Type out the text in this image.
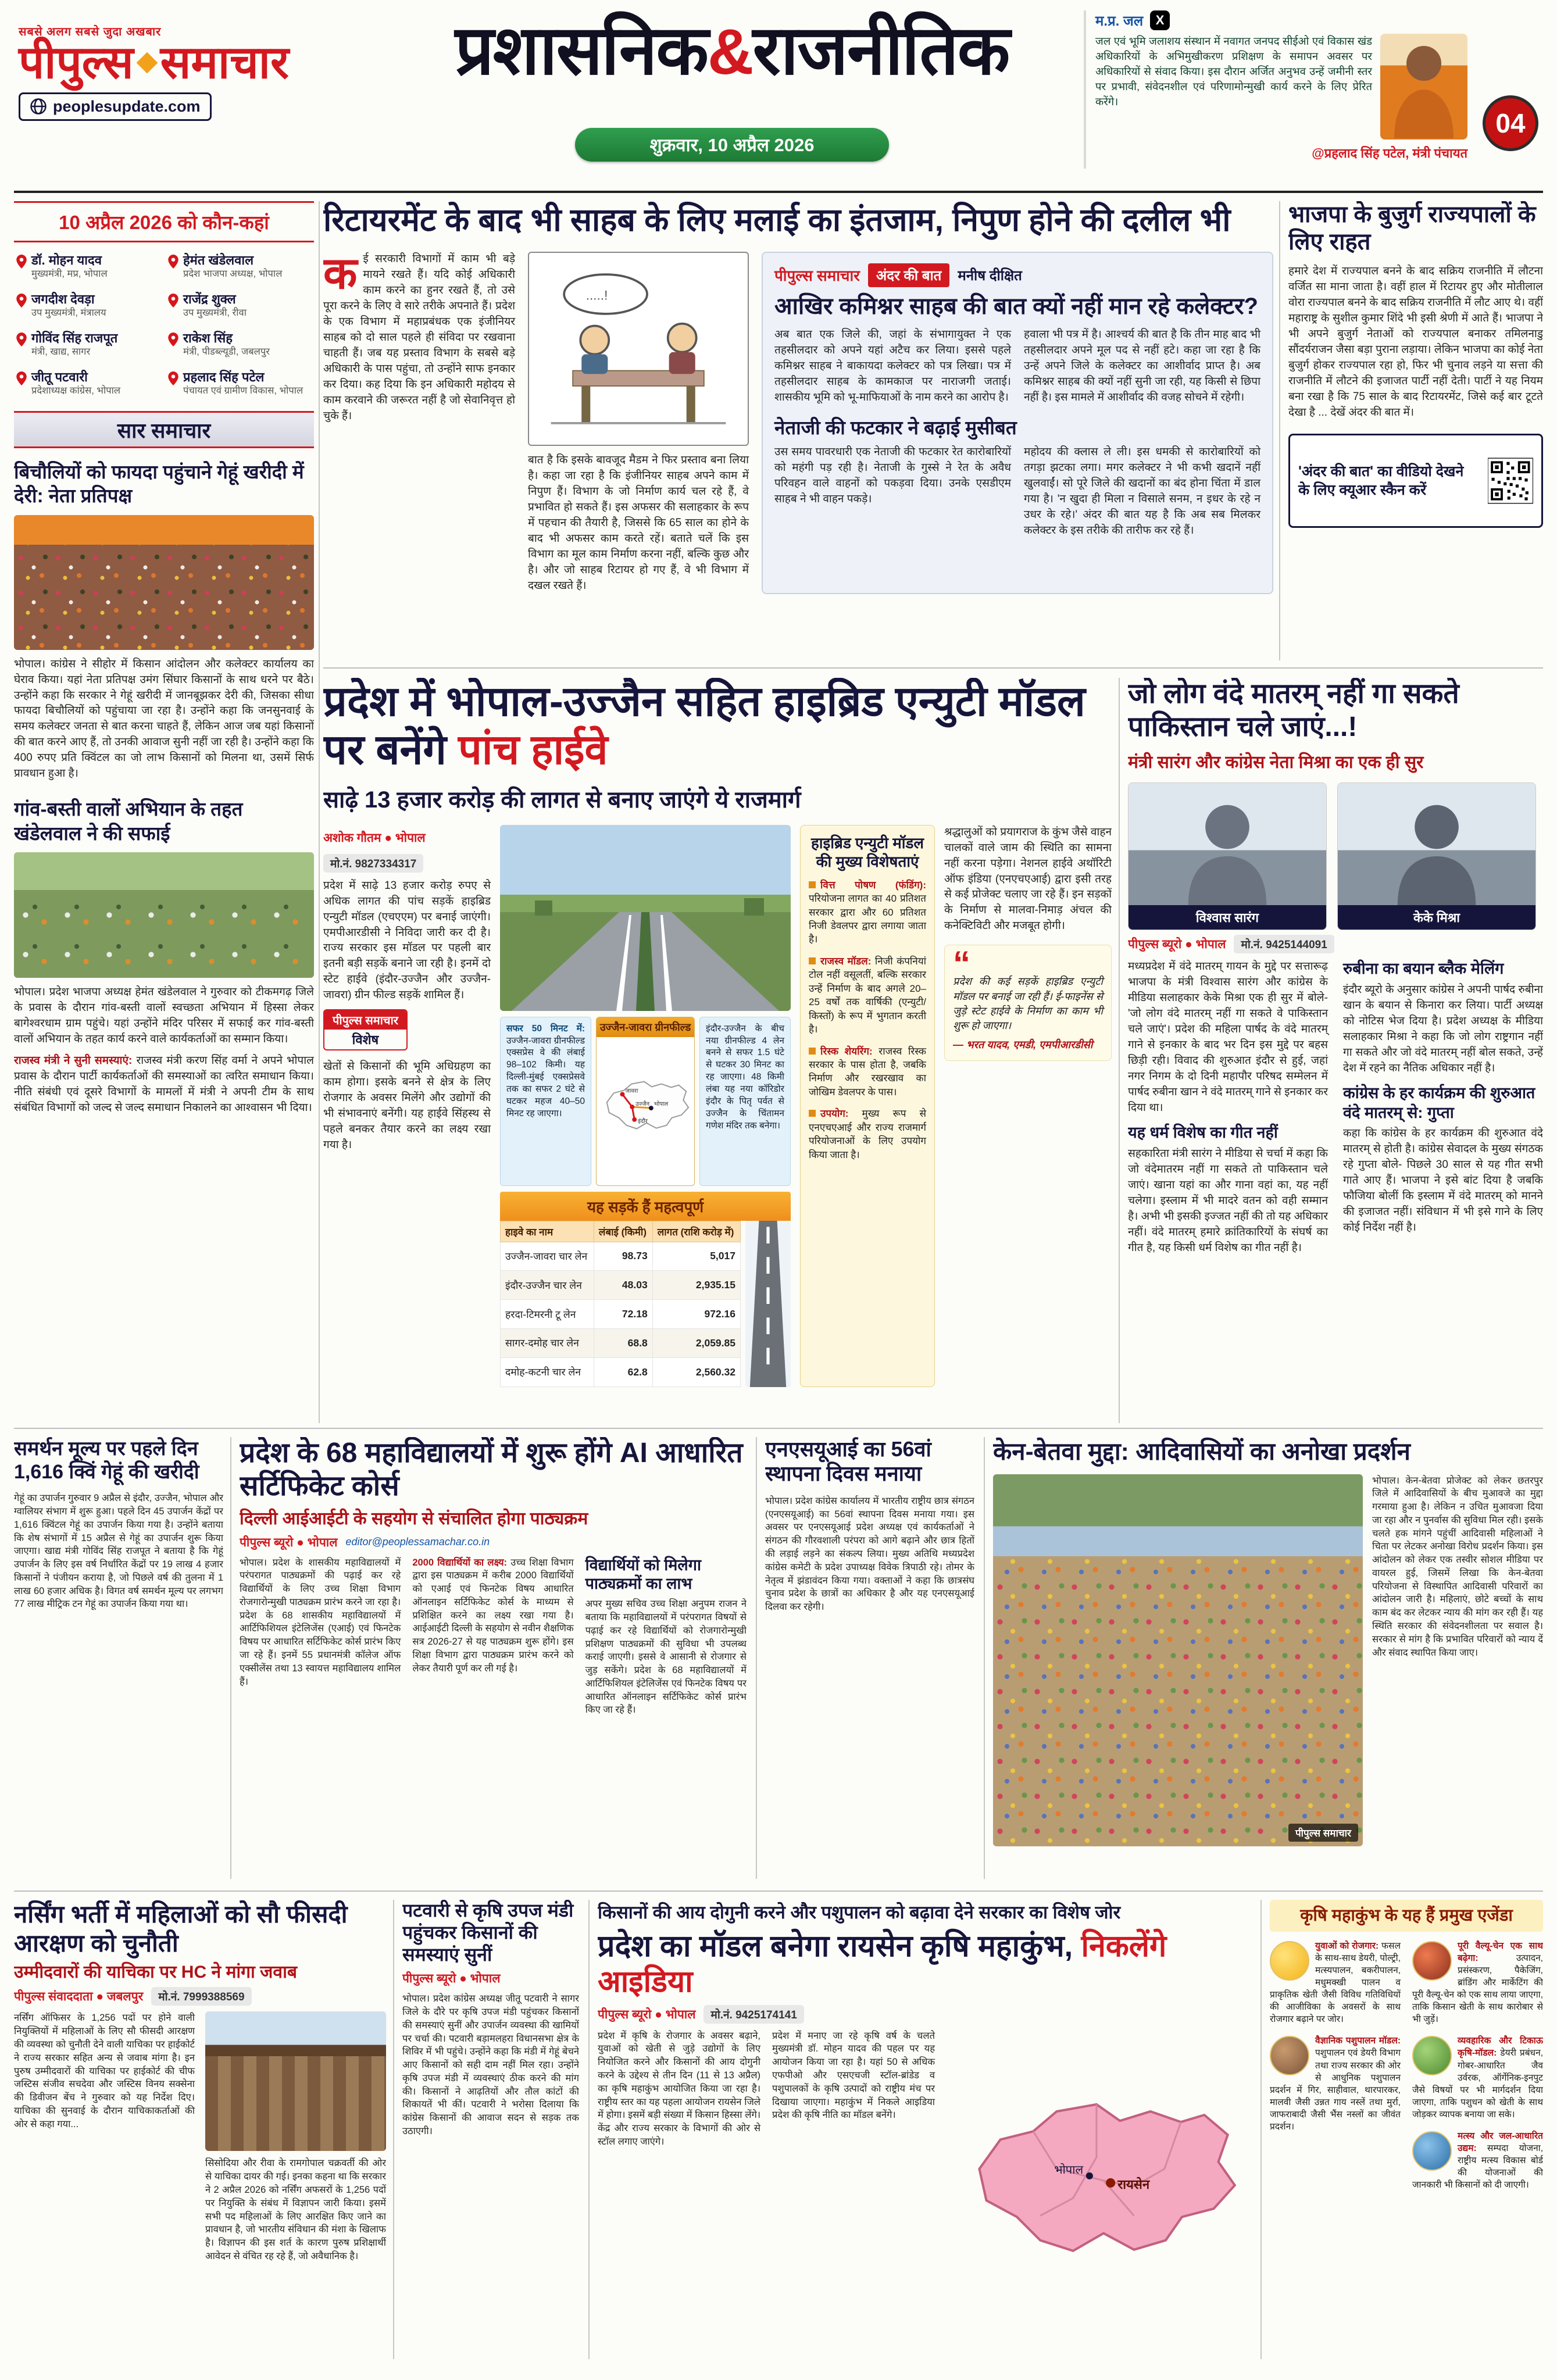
सबसे अलग सबसे जुदा अखबार
पीपुल्स समाचार
peoplesupdate.com
प्रशासनिक&राजनीतिक
शुक्रवार, 10 अप्रैल 2026
म.प्र. जल X

जल एवं भूमि जलाशय संस्थान में नवागत जनपद सीईओ एवं विकास खंड अधिकारियों के अभिमुखीकरण प्रशिक्षण के समापन अवसर पर अधिकारियों से संवाद किया। इस दौरान अर्जित अनुभव उन्हें जमीनी स्तर पर प्रभावी, संवेदनशील एवं परिणामोन्मुखी कार्य करने के लिए प्रेरित करेंगे।

@प्रहलाद सिंह पटेल, मंत्री पंचायत
04
10 अप्रैल 2026 को कौन-कहां
डॉ. मोहन यादव
मुख्यमंत्री, मप्र, भोपाल
हेमंत खंडेलवाल
प्रदेश भाजपा अध्यक्ष, भोपाल
जगदीश देवड़ा
उप मुख्यमंत्री, मंत्रालय
राजेंद्र शुक्ल
उप मुख्यमंत्री, रीवा
गोविंद सिंह राजपूत
मंत्री, खाद्य, सागर
राकेश सिंह
मंत्री, पीडब्ल्यूडी, जबलपुर
जीतू पटवारी
प्रदेशाध्यक्ष कांग्रेस, भोपाल
प्रहलाद सिंह पटेल
पंचायत एवं ग्रामीण विकास, भोपाल
सार समाचार
बिचौलियों को फायदा पहुंचाने गेहूं खरीदी में देरी: नेता प्रतिपक्ष

भोपाल। कांग्रेस ने सीहोर में किसान आंदोलन और कलेक्टर कार्यालय का घेराव किया। यहां नेता प्रतिपक्ष उमंग सिंघार किसानों के साथ धरने पर बैठे। उन्होंने कहा कि सरकार ने गेहूं खरीदी में जानबूझकर देरी की, जिसका सीधा फायदा बिचौलियों को पहुंचाया जा रहा है। उन्होंने कहा कि जनसुनवाई के समय कलेक्टर जनता से बात करना चाहते हैं, लेकिन आज जब यहां किसानों की बात करने आए हैं, तो उनकी आवाज सुनी नहीं जा रही है। उन्होंने कहा कि 400 रुपए प्रति क्विंटल का जो लाभ किसानों को मिलना था, उसमें सिर्फ प्रावधान हुआ है।

गांव-बस्ती वालों अभियान के तहत खंडेलवाल ने की सफाई

भोपाल। प्रदेश भाजपा अध्यक्ष हेमंत खंडेलवाल ने गुरुवार को टीकमगढ़ जिले के प्रवास के दौरान गांव-बस्ती वालों स्वच्छता अभियान में हिस्सा लेकर बागेश्वरधाम ग्राम पहुंचे। यहां उन्होंने मंदिर परिसर में सफाई कर गांव-बस्ती वालों अभियान के तहत कार्य करने वाले कार्यकर्ताओं का सम्मान किया।

राजस्व मंत्री ने सुनी समस्याएं: राजस्व मंत्री करण सिंह वर्मा ने अपने भोपाल प्रवास के दौरान पार्टी कार्यकर्ताओं की समस्याओं का त्वरित समाधान किया। नीति संबंधी एवं दूसरे विभागों के मामलों में मंत्री ने अपनी टीम के साथ संबंधित विभागों को जल्द से जल्द समाधान निकालने का आश्वासन भी दिया।

रिटायरमेंट के बाद भी साहब के लिए मलाई का इंतजाम, निपुण होने की दलील भी

कई सरकारी विभागों में काम भी बड़े मायने रखते हैं। यदि कोई अधिकारी काम करने का हुनर रखते हैं, तो उसे पूरा करने के लिए वे सारे तरीके अपनाते हैं। प्रदेश के एक विभाग में महाप्रबंधक एक इंजीनियर साहब को दो साल पहले ही संविदा पर रखवाना चाहती हैं। जब यह प्रस्ताव विभाग के सबसे बड़े अधिकारी के पास पहुंचा, तो उन्होंने साफ इनकार कर दिया। कह दिया कि इन अधिकारी महोदय से काम करवाने की जरूरत नहीं है जो सेवानिवृत्त हो चुके हैं।

.....!

बात है कि इसके बावजूद मैडम ने फिर प्रस्ताव बना लिया है। कहा जा रहा है कि इंजीनियर साहब अपने काम में निपुण हैं। विभाग के जो निर्माण कार्य चल रहे हैं, वे प्रभावित हो सकते हैं। इस अफसर की सलाहकार के रूप में पहचान की तैयारी है, जिससे कि 65 साल का होने के बाद भी अफसर काम करते रहें। बताते चलें कि इस विभाग का मूल काम निर्माण करना नहीं, बल्कि कुछ और है। और जो साहब रिटायर हो गए हैं, वे भी विभाग में दखल रखते हैं।

पीपुल्स समाचार	अंदर की बात	मनीष दीक्षित
आखिर कमिश्नर साहब की बात क्यों नहीं मान रहे कलेक्टर?

अब बात एक जिले की, जहां के संभागायुक्त ने एक तहसीलदार को अपने यहां अटैच कर लिया। इससे पहले कमिश्नर साहब ने बाकायदा कलेक्टर को पत्र लिखा। पत्र में तहसीलदार साहब के कामकाज पर नाराजगी जताई। शासकीय भूमि को भू-माफियाओं के नाम करने का आरोप है।

हवाला भी पत्र में है। आश्चर्य की बात है कि तीन माह बाद भी तहसीलदार अपने मूल पद से नहीं हटे। कहा जा रहा है कि उन्हें अपने जिले के कलेक्टर का आशीर्वाद प्राप्त है। अब कमिश्नर साहब की क्यों नहीं सुनी जा रही, यह किसी से छिपा नहीं है। इस मामले में आशीर्वाद की वजह सोचने में रहेगी।

नेताजी की फटकार ने बढ़ाई मुसीबत

उस समय पावरधारी एक नेताजी की फटकार रेत कारोबारियों को महंगी पड़ रही है। नेताजी के गुस्से ने रेत के अवैध परिवहन वाले वाहनों को पकड़वा दिया। उनके एसडीएम साहब ने भी वाहन पकड़े।

महोदय की क्लास ले ली। इस धमकी से कारोबारियों को तगड़ा झटका लगा। मगर कलेक्टर ने भी कभी खदानें नहीं खुलवाईं। सो पूरे जिले की खदानों का बंद होना चिंता में डाल गया है। 'न खुदा ही मिला न विसाले सनम, न इधर के रहे न उधर के रहे।' अंदर की बात यह है कि अब सब मिलकर कलेक्टर के इस तरीके की तारीफ कर रहे हैं।

भाजपा के बुजुर्ग राज्यपालों के लिए राहत

हमारे देश में राज्यपाल बनने के बाद सक्रिय राजनीति में लौटना वर्जित सा माना जाता है। वहीं हाल में रिटायर हुए और मोतीलाल वोरा राज्यपाल बनने के बाद सक्रिय राजनीति में लौट आए थे। वहीं महाराष्ट्र के सुशील कुमार शिंदे भी इसी श्रेणी में आते हैं। भाजपा ने भी अपने बुजुर्ग नेताओं को राज्यपाल बनाकर तमिलनाडु सौंदर्यराजन जैसा बड़ा पुराना लड़ाया। लेकिन भाजपा का कोई नेता बुजुर्ग होकर राज्यपाल रहा हो, फिर भी चुनाव लड़ने या सत्ता की राजनीति में लौटने की इजाजत पार्टी नहीं देती। पार्टी ने यह नियम बना रखा है कि 75 साल के बाद रिटायरमेंट, जिसे कई बार टूटते देखा है ... देखें अंदर की बात में।

'अंदर की बात' का वीडियो देखने के लिए क्यूआर स्कैन करें

प्रदेश में भोपाल-उज्जैन सहित हाइब्रिड एन्युटी मॉडल पर बनेंगे पांच हाईवे
साढ़े 13 हजार करोड़ की लागत से बनाए जाएंगे ये राजमार्ग
अशोक गौतम ● भोपाल
मो.नं. 9827334317

प्रदेश में साढ़े 13 हजार करोड़ रुपए से अधिक लागत की पांच सड़कें हाइब्रिड एन्युटी मॉडल (एचएएम) पर बनाई जाएंगी। एमपीआरडीसी ने निविदा जारी कर दी है। राज्य सरकार इस मॉडल पर पहली बार इतनी बड़ी सड़कें बनाने जा रही है। इनमें दो स्टेट हाईवे (इंदौर-उज्जैन और उज्जैन-जावरा) ग्रीन फील्ड सड़कें शामिल हैं।

पीपुल्स समाचार
विशेष

खेतों से किसानों की भूमि अधिग्रहण का काम होगा। इसके बनने से क्षेत्र के लिए रोजगार के अवसर मिलेंगे और उद्योगों की भी संभावनाएं बनेंगी। यह हाईवे सिंहस्थ से पहले बनकर तैयार करने का लक्ष्य रखा गया है।

सफर 50 मि​नट में: उज्जैन-जावरा ग्रीनफील्ड एक्सप्रेस वे की लंबाई 98–102 किमी। यह दिल्ली-मुंबई एक्सप्रेसवे तक का सफर 2 घंटे से घटकर महज 40–50 मिनट रह जाएगा।
उज्जैन-जावरा ग्रीनफील्ड
जावरा
उज्जैन
इंदौर
भोपाल
इंदौर-उज्जैन के बीच नया ग्रीनफील्ड 4 लेन बनने से सफर 1.5 घंटे से घटकर 30 मिनट का रह जाएगा। 48 किमी लंबा यह नया कॉरिडोर इंदौर के पितृ पर्वत से उज्जैन के चिंतामन गणेश मंदिर तक बनेगा।
यह सड़कें हैं महत्वपूर्ण
हाइवे का नाम	लंबाई (किमी)	लागत (राशि करोड़ में)
उज्जैन-जावरा चार लेन	98.73	5,017
इंदौर-उज्जैन चार लेन	48.03	2,935.15
हरदा-टिमरनी टू लेन	72.18	972.16
सागर-दमोह चार लेन	68.8	2,059.85
दमोह-कटनी चार लेन	62.8	2,560.32
हाइब्रिड एन्युटी मॉडल की मुख्य विशेषताएं

वित्त पोषण (फंडिंग): परियोजना लागत का 40 प्रतिशत सरकार द्वारा और 60 प्रतिशत निजी डेवलपर द्वारा लगाया जाता है।

राजस्व मॉडल: निजी कंपनियां टोल नहीं वसूलतीं, बल्कि सरकार उन्हें निर्माण के बाद अगले 20–25 वर्षों तक वार्षिकी (एन्युटी/किस्तों) के रूप में भुगतान करती है।

रिस्क शेयरिंग: राजस्व रिस्क सरकार के पास होता है, जबकि निर्माण और रखरखाव का जोखिम डेवलपर के पास।

उपयोग: मुख्य रूप से एनएचएआई और राज्य राजमार्ग परियोजनाओं के लिए उपयोग किया जाता है।

श्रद्धालुओं को प्रयागराज के कुंभ जैसे वाहन चालकों वाले जाम की स्थिति का सामना नहीं करना पड़ेगा। नेशनल हाईवे अथॉरिटी ऑफ इंडिया (एनएचएआई) द्वारा इसी तरह से कई प्रोजेक्ट चलाए जा रहे हैं। इन सड़कों के निर्माण से मालवा-निमाड़ अंचल की कनेक्टिविटी और मजबूत होगी।

“

प्रदेश की कई सड़कें हाइब्रिड एन्युटी मॉडल पर बनाई जा रही हैं। ई-फाइनेंस से जुड़े स्टेट हाईवे के निर्माण का काम भी शुरू हो जाएगा।

— भरत यादव, एमडी, एमपीआरडीसी

जो लोग वंदे मातरम् नहीं गा सकते पाकिस्तान चले जाएं...!
मंत्री सारंग और कांग्रेस नेता मिश्रा का एक ही सुर
विश्वास सारंग	केके मिश्रा
पीपुल्स ब्यूरो ● भोपाल	मो.नं. 9425144091

मध्यप्रदेश में वंदे मातरम् गायन के मुद्दे पर सत्तारूढ़ भाजपा के मंत्री विश्वास सारंग और कांग्रेस के मीडिया सलाहकार केके मिश्रा एक ही सुर में बोले- 'जो लोग वंदे मातरम् नहीं गा सकते वे पाकिस्तान चले जाएं'। प्रदेश की महिला पार्षद के वंदे मातरम् गाने से इनकार के बाद भर दिन इस मुद्दे पर बहस छिड़ी रही। विवाद की शुरुआत इंदौर से हुई, जहां नगर निगम के दो दिनी महापौर परिषद सम्मेलन में पार्षद रुबीना खान ने वंदे मातरम् गाने से इनकार कर दिया था।

यह धर्म विशेष का गीत नहीं

सहकारिता मंत्री सारंग ने मीडिया से चर्चा में कहा कि जो वंदेमातरम नहीं गा सकते तो पाकिस्तान चले जाएं। खाना यहां का और गाना वहां का, यह नहीं चलेगा। इस्लाम में भी मादरे वतन को वही सम्मान है। अभी भी इसकी इज्जत नहीं की तो यह अधिकार नहीं। वंदे मातरम् हमारे क्रांतिकारियों के संघर्ष का गीत है, यह किसी धर्म विशेष का गीत नहीं है।

रुबीना का बयान ब्लैक मेलिंग

इंदौर ब्यूरो के अनुसार कांग्रेस ने अपनी पार्षद रुबीना खान के बयान से किनारा कर लिया। पार्टी अध्यक्ष को नोटिस भेज दिया है। प्रदेश अध्यक्ष के मीडिया सलाहकार मिश्रा ने कहा कि जो लोग राष्ट्रगान नहीं गा सकते और जो वंदे मातरम् नहीं बोल सकते, उन्हें देश में रहने का नैतिक अधिकार नहीं है।

कांग्रेस के हर कार्यक्रम की शुरुआत वंदे मातरम् से: गुप्ता

कहा कि कांग्रेस के हर कार्यक्रम की शुरुआत वंदे मातरम् से होती है। कांग्रेस सेवादल के मुख्य संगठक रहे गुप्ता बोले- पिछले 30 साल से यह गीत सभी गाते आए हैं। भाजपा ने इसे बांट दिया है जबकि फौजिया बोलीं कि इस्लाम में वंदे मातरम् को मानने की इजाजत नहीं। संविधान में भी इसे गाने के लिए कोई निर्देश नहीं है।

समर्थन मूल्य पर पहले दिन 1,616 क्विं गेहूं की खरीदी

गेहूं का उपार्जन गुरुवार 9 अप्रैल से इंदौर, उज्जैन, भोपाल और ग्वालियर संभाग में शुरू हुआ। पहले दिन 45 उपार्जन केंद्रों पर 1,616 क्विंटल गेहूं का उपार्जन किया गया है। उन्होंने बताया कि शेष संभागों में 15 अप्रैल से गेहूं का उपार्जन शुरू किया जाएगा। खाद्य मंत्री गोविंद सिंह राजपूत ने बताया है कि गेहूं उपार्जन के लिए इस वर्ष निर्धारित केंद्रों पर 19 लाख 4 हजार किसानों ने पंजीयन कराया है, जो पिछले वर्ष की तुलना में 1 लाख 60 हजार अधिक है। विगत वर्ष समर्थन मूल्य पर लगभग 77 लाख मीट्रिक टन गेहूं का उपार्जन किया गया था।

प्रदेश के 68 महाविद्यालयों में शुरू होंगे AI आधारित सर्टिफिकेट कोर्स
दिल्ली आईआईटी के सहयोग से संचालित होगा पाठ्यक्रम
पीपुल्स ब्यूरो ● भोपाल editor@peoplessamachar.co.in

भोपाल। प्रदेश के शासकीय महाविद्यालयों में परंपरागत पाठ्यक्रमों की पढ़ाई कर रहे विद्यार्थियों के लिए उच्च शिक्षा विभाग रोजगारोन्मुखी पाठ्यक्रम प्रारंभ करने जा रहा है। प्रदेश के 68 शासकीय महाविद्यालयों में आर्टिफिशियल इंटेलिजेंस (एआई) एवं फिनटेक विषय पर आधारित सर्टिफिकेट कोर्स प्रारंभ किए जा रहे हैं। इनमें 55 प्रधानमंत्री कॉलेज ऑफ एक्सीलेंस तथा 13 स्वायत्त महाविद्यालय शामिल हैं।

2000 विद्यार्थियों का लक्ष्य: उच्च शिक्षा विभाग द्वारा इस पाठ्यक्रम में करीब 2000 विद्यार्थियों को एआई एवं फिनटेक विषय आधारित ऑनलाइन सर्टिफिकेट कोर्स के माध्यम से प्रशिक्षित करने का लक्ष्य रखा गया है। आईआईटी दिल्ली के सहयोग से नवीन शैक्षणिक सत्र 2026-27 से यह पाठ्यक्रम शुरू होंगे। इस शिक्षा विभाग द्वारा पाठ्यक्रम प्रारंभ करने को लेकर तैयारी पूर्ण कर ली गई है।

विद्यार्थियों को मिलेगा पाठ्यक्रमों का लाभ

अपर मुख्य सचिव उच्च शिक्षा अनुपम राजन ने बताया कि महाविद्यालयों में परंपरागत विषयों से पढ़ाई कर रहे विद्यार्थियों को रोजगारोन्मुखी प्रशिक्षण पाठ्यक्रमों की सुविधा भी उपलब्ध कराई जाएगी। इससे वे आसानी से रोजगार से जुड़ सकेंगे। प्रदेश के 68 महाविद्यालयों में आर्टिफिशियल इंटेलिजेंस एवं फिनटेक विषय पर आधारित ऑनलाइन सर्टिफिकेट कोर्स प्रारंभ किए जा रहे हैं।

एनएसयूआई का 56वां स्थापना दिवस मनाया

भोपाल। प्रदेश कांग्रेस कार्यालय में भारतीय राष्ट्रीय छात्र संगठन (एनएसयूआई) का 56वां स्थापना दिवस मनाया गया। इस अवसर पर एनएसयूआई प्रदेश अध्यक्ष एवं कार्यकर्ताओं ने संगठन की गौरवशाली परंपरा को आगे बढ़ाने और छात्र हितों की लड़ाई लड़ने का संकल्प लिया। मुख्य अतिथि मध्यप्रदेश कांग्रेस कमेटी के प्रदेश उपाध्यक्ष विवेक त्रिपाठी रहे। तोमर के नेतृत्व में झंडावंदन किया गया। वक्ताओं ने कहा कि छात्रसंघ चुनाव प्रदेश के छात्रों का अधिकार है और यह एनएसयूआई दिलवा कर रहेगी।

केन-बेतवा मुद्दा: आदिवासियों का अनोखा प्रदर्शन
पीपुल्स समाचार

भोपाल। केन-बेतवा प्रोजेक्ट को लेकर छतरपुर जिले में आदिवासियों के बीच मुआवजे का मुद्दा गरमाया हुआ है। लेकिन न उचित मुआवजा दिया जा रहा और न पुनर्वास की सुविधा मिल रही। इसके चलते हक मांगने पहुंचीं आदिवासी महिलाओं ने चिता पर लेटकर अनोखा विरोध प्रदर्शन किया। इस आंदोलन को लेकर एक तस्वीर सोशल मीडिया पर वायरल हुई, जिसमें लिखा कि केन-बेतवा परियोजना से विस्थापित आदिवासी परिवारों का आंदोलन जारी है। महिलाएं, छोटे बच्चों के साथ काम बंद कर लेटकर न्याय की मांग कर रही हैं। यह स्थिति सरकार की संवेदनशीलता पर सवाल है। सरकार से मांग है कि प्रभावित परिवारों को न्याय दें और संवाद स्थापित किया जाए।

नर्सिंग भर्ती में महिलाओं को सौ फीसदी आरक्षण को चुनौती
उम्मीदवारों की याचिका पर HC ने मांगा जवाब
पीपुल्स संवाददाता ● जबलपुर	मो.नं. 7999388569

नर्सिंग ऑफिसर के 1,256 पदों पर होने वाली नियुक्तियों में महिलाओं के लिए सौ फीसदी आरक्षण की व्यवस्था को चुनौती देने वाली याचिका पर हाईकोर्ट ने राज्य सरकार सहित अन्य से जवाब मांगा है। इन पुरुष उम्मीदवारों की याचिका पर हाईकोर्ट की चीफ जस्टिस संजीव सचदेवा और जस्टिस विनय सक्सेना की डिवीजन बेंच ने गुरुवार को यह निर्देश दिए। याचिका की सुनवाई के दौरान याचिकाकर्ताओं की ओर से कहा गया...

सिसोदिया और रीवा के रामगोपाल चक्रवर्ती की ओर से याचिका दायर की गई। इनका कहना था कि सरकार ने 2 अप्रैल 2026 को नर्सिंग अफसरों के 1,256 पदों पर नियुक्ति के संबंध में विज्ञापन जारी किया। इसमें सभी पद महिलाओं के लिए आरक्षित किए जाने का प्रावधान है, जो भारतीय संविधान की मंशा के खिलाफ है। विज्ञापन की इस शर्त के कारण पुरुष प्रशिक्षार्थी आवेदन से वंचित रह रहे हैं, जो अवैधानिक है।

पटवारी से कृषि उपज मंडी पहुंचकर किसानों की समस्याएं सुनीं
पीपुल्स ब्यूरो ● भोपाल

भोपाल। प्रदेश कांग्रेस अध्यक्ष जीतू पटवारी ने सागर जिले के दौरे पर कृषि उपज मंडी पहुंचकर किसानों की समस्याएं सुनीं और उपार्जन व्यवस्था की खामियों पर चर्चा की। पटवारी बड़ामलहरा विधानसभा क्षेत्र के शिविर में भी पहुंचे। उन्होंने कहा कि मंडी में गेहूं बेचने आए किसानों को सही दाम नहीं मिल रहा। उन्होंने कृषि उपज मंडी में व्यवस्थाएं ठीक करने की मांग की। किसानों ने आढ़तियों और तौल कांटों की शिकायतें भी कीं। पटवारी ने भरोसा दिलाया कि कांग्रेस किसानों की आवाज सदन से सड़क तक उठाएगी।

किसानों की आय दोगुनी करने और पशुपालन को बढ़ावा देने सरकार का विशेष जोर
प्रदेश का मॉडल बनेगा रायसेन कृषि महाकुंभ, निकलेंगे आइडिया
पीपुल्स ब्यूरो ● भोपाल	मो.नं. 9425174141

प्रदेश में कृषि के रोजगार के अवसर बढ़ाने, युवाओं को खेती से जुड़े उद्योगों के लिए नियोजित करने और किसानों की आय दोगुनी करने के उद्देश्य से तीन दिन (11 से 13 अप्रैल) का कृषि महाकुंभ आयोजित किया जा रहा है। राष्ट्रीय स्तर का यह पहला आयोजन रायसेन जिले में होगा। इसमें बड़ी संख्या में किसान हिस्सा लेंगे। केंद्र और राज्य सरकार के विभागों की ओर से स्टॉल लगाए जाएंगे।

प्रदेश में मनाए जा रहे कृषि वर्ष के चलते मुख्यमंत्री डॉ. मोहन यादव की पहल पर यह आयोजन किया जा रहा है। यहां 50 से अधिक एफपीओ और एसएचजी स्टॉल-ब्रांडेड व पशुपालकों के कृषि उत्पादों को राष्ट्रीय मंच पर दिखाया जाएगा। महाकुंभ में निकले आइडिया प्रदेश की कृषि नीति का मॉडल बनेंगे।

रायसेन
भोपाल
कृषि महाकुंभ के यह हैं प्रमुख एजेंडा
युवाओं को रोजगार: फसल के साथ-साथ डेयरी, पोल्ट्री, मत्स्यपालन, बकरीपालन, मधुमक्खी पालन व प्राकृतिक खेती जैसी विविध गतिविधियों की आजीविका के अवसरों के साथ रोजगार बढ़ाने पर जोर।
वैज्ञानिक पशुपालन मॉडल: पशुपालन एवं डेयरी विभाग तथा राज्य सरकार की ओर से आधुनिक पशुपालन प्रदर्शन में गिर, साहीवाल, थारपारकर, मालवी जैसी उन्नत गाय नस्लें तथा मुर्रा, जाफराबादी जैसी भैंस नस्लों का जीवंत प्रदर्शन।
पूरी वैल्यू-चेन एक साथ बढ़ेगा:	उत्पादन, प्रसंस्करण, पैकेजिंग, ब्रांडिंग और मार्केटिंग की पूरी वैल्यू-चेन को एक साथ लाया जाएगा, ताकि किसान खेती के साथ कारोबार से भी जुड़ें।
व्यवहारिक और टिकाऊ कृषि-मॉडल: डेयरी प्रबंधन, गोबर-आधारित जैव उर्वरक, ऑर्गेनिक-इनपुट जैसे विषयों पर भी मार्गदर्शन दिया जाएगा, ताकि पशुधन को खेती के साथ जोड़कर व्यापक बनाया जा सके।
मत्स्य और जल-आधारित उद्यम: सम्पदा योजना, राष्ट्रीय मत्स्य विकास बोर्ड की योजनाओं की जानकारी भी किसानों को दी जाएगी।
